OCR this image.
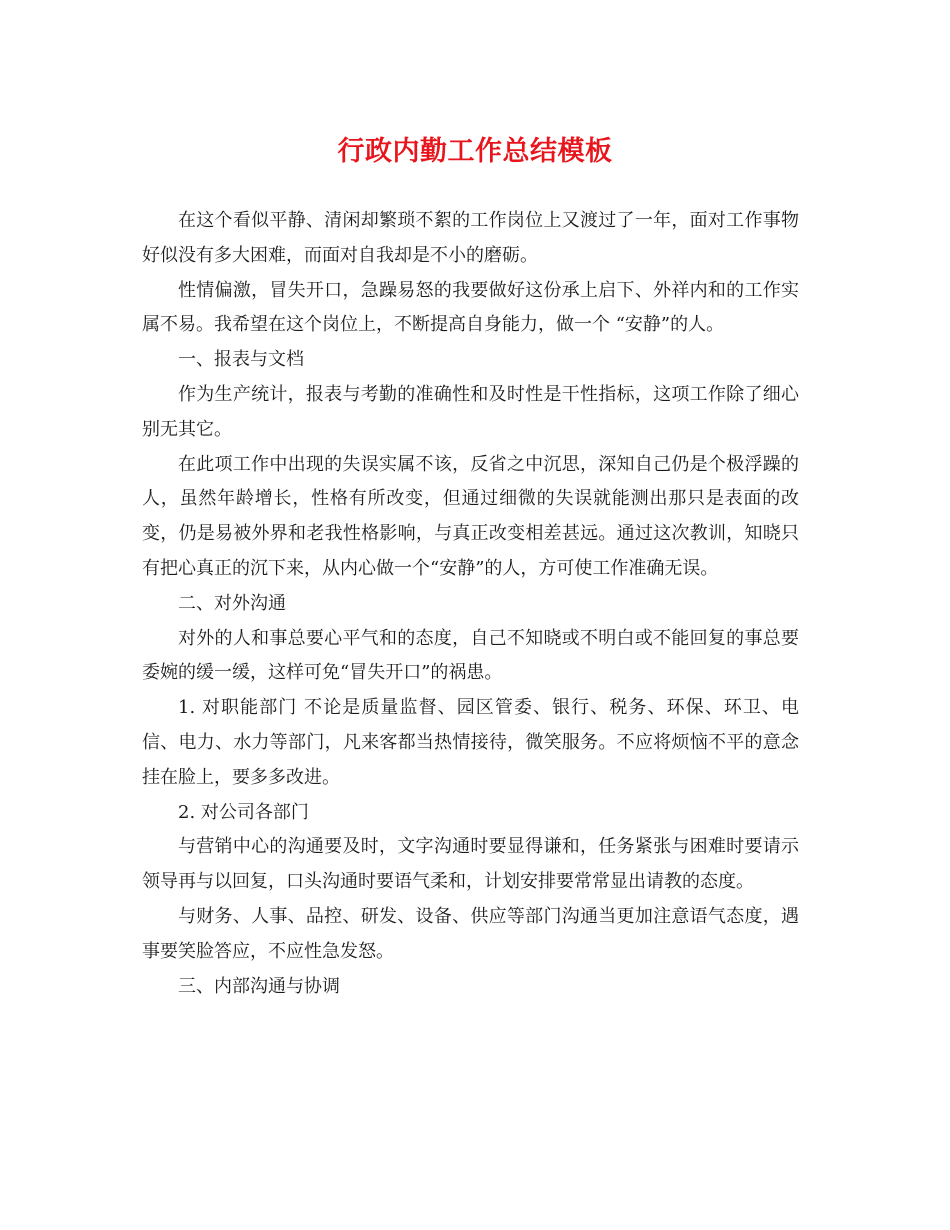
行政内勤工作总结模板

在这个看似平静、清闲却繁琐不絮的工作岗位上又渡过了一年，面对工作事物好似没有多大困难，而面对自我却是不小的磨砺。

性情偏激，冒失开口，急躁易怒的我要做好这份承上启下、外祥内和的工作实属不易。我希望在这个岗位上，不断提高自身能力，做一个 “安静”的人。

一、报表与文档

作为生产统计，报表与考勤的准确性和及时性是干性指标，这项工作除了细心别无其它。

在此项工作中出现的失误实属不该，反省之中沉思，深知自己仍是个极浮躁的人，虽然年龄增长，性格有所改变，但通过细微的失误就能测出那只是表面的改变，仍是易被外界和老我性格影响，与真正改变相差甚远。通过这次教训，知晓只有把心真正的沉下来，从内心做一个“安静”的人，方可使工作准确无误。

二、对外沟通

对外的人和事总要心平气和的态度，自己不知晓或不明白或不能回复的事总要委婉的缓一缓，这样可免“冒失开口”的祸患。

1. 对职能部门 不论是质量监督、园区管委、银行、税务、环保、环卫、电信、电力、水力等部门，凡来客都当热情接待，微笑服务。不应将烦恼不平的意念挂在脸上，要多多改进。

2. 对公司各部门

与营销中心的沟通要及时，文字沟通时要显得谦和，任务紧张与困难时要请示领导再与以回复，口头沟通时要语气柔和，计划安排要常常显出请教的态度。

与财务、人事、品控、研发、设备、供应等部门沟通当更加注意语气态度，遇事要笑脸答应，不应性急发怒。

三、内部沟通与协调
